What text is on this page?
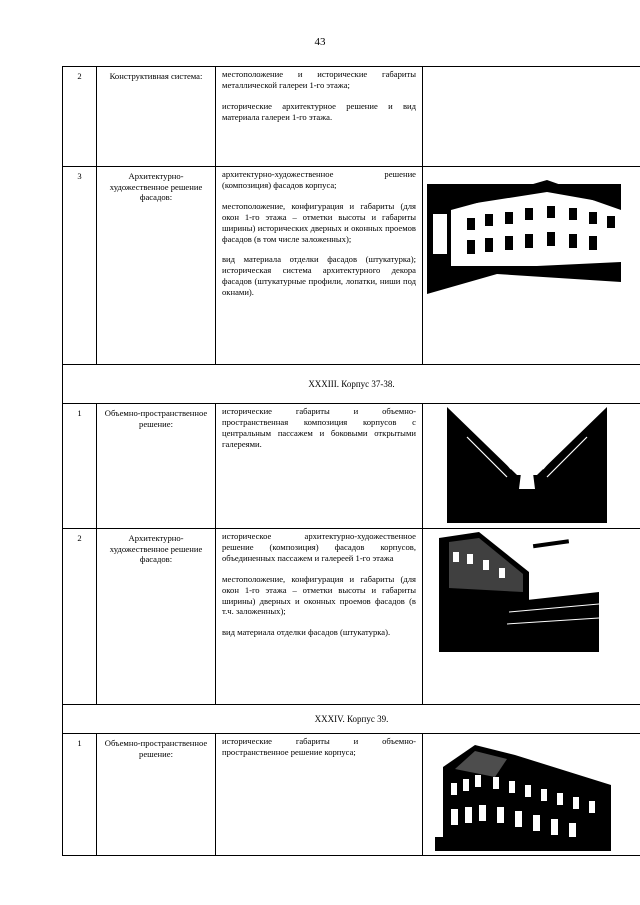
43
2	Конструктивная система:	местоположение и исторические габариты металлической галереи 1-го этажа;

исторические архитектурное решение и вид материала галереи 1-го этажа.	

3	Архитектурно-художественное решение фасадов:	архитектурно-художественное решение (композиция) фасадов корпуса;

местоположение, конфигурация и габариты (для окон 1-го этажа – отметки высоты и габариты ширины) исторических дверных и оконных проемов фасадов (в том числе заложенных);

вид материала отделки фасадов (штукатурка); историческая система архитектурного декора фасадов (штукатурные профили, лопатки, ниши под окнами).

XXXIII. Корпус 37-38.			
1	Объемно-пространственное решение:	исторические габариты и объемно-пространственная композиция корпусов с центральным пассажем и боковыми открытыми галереями.

2	Архитектурно-художественное решение фасадов:	историческое архитектурно-художественное решение (композиция) фасадов корпусов, объединенных пассажем и галереей 1-го этажа

местоположение, конфигурация и габариты (для окон 1-го этажа – отметки высоты и габариты ширины) дверных и оконных проемов фасадов (в т.ч. заложенных);

вид материала отделки фасадов (штукатурка).

XXXIV. Корпус 39.			
1	Объемно-пространственное решение:	исторические габариты и объемно-пространственное решение корпуса;
